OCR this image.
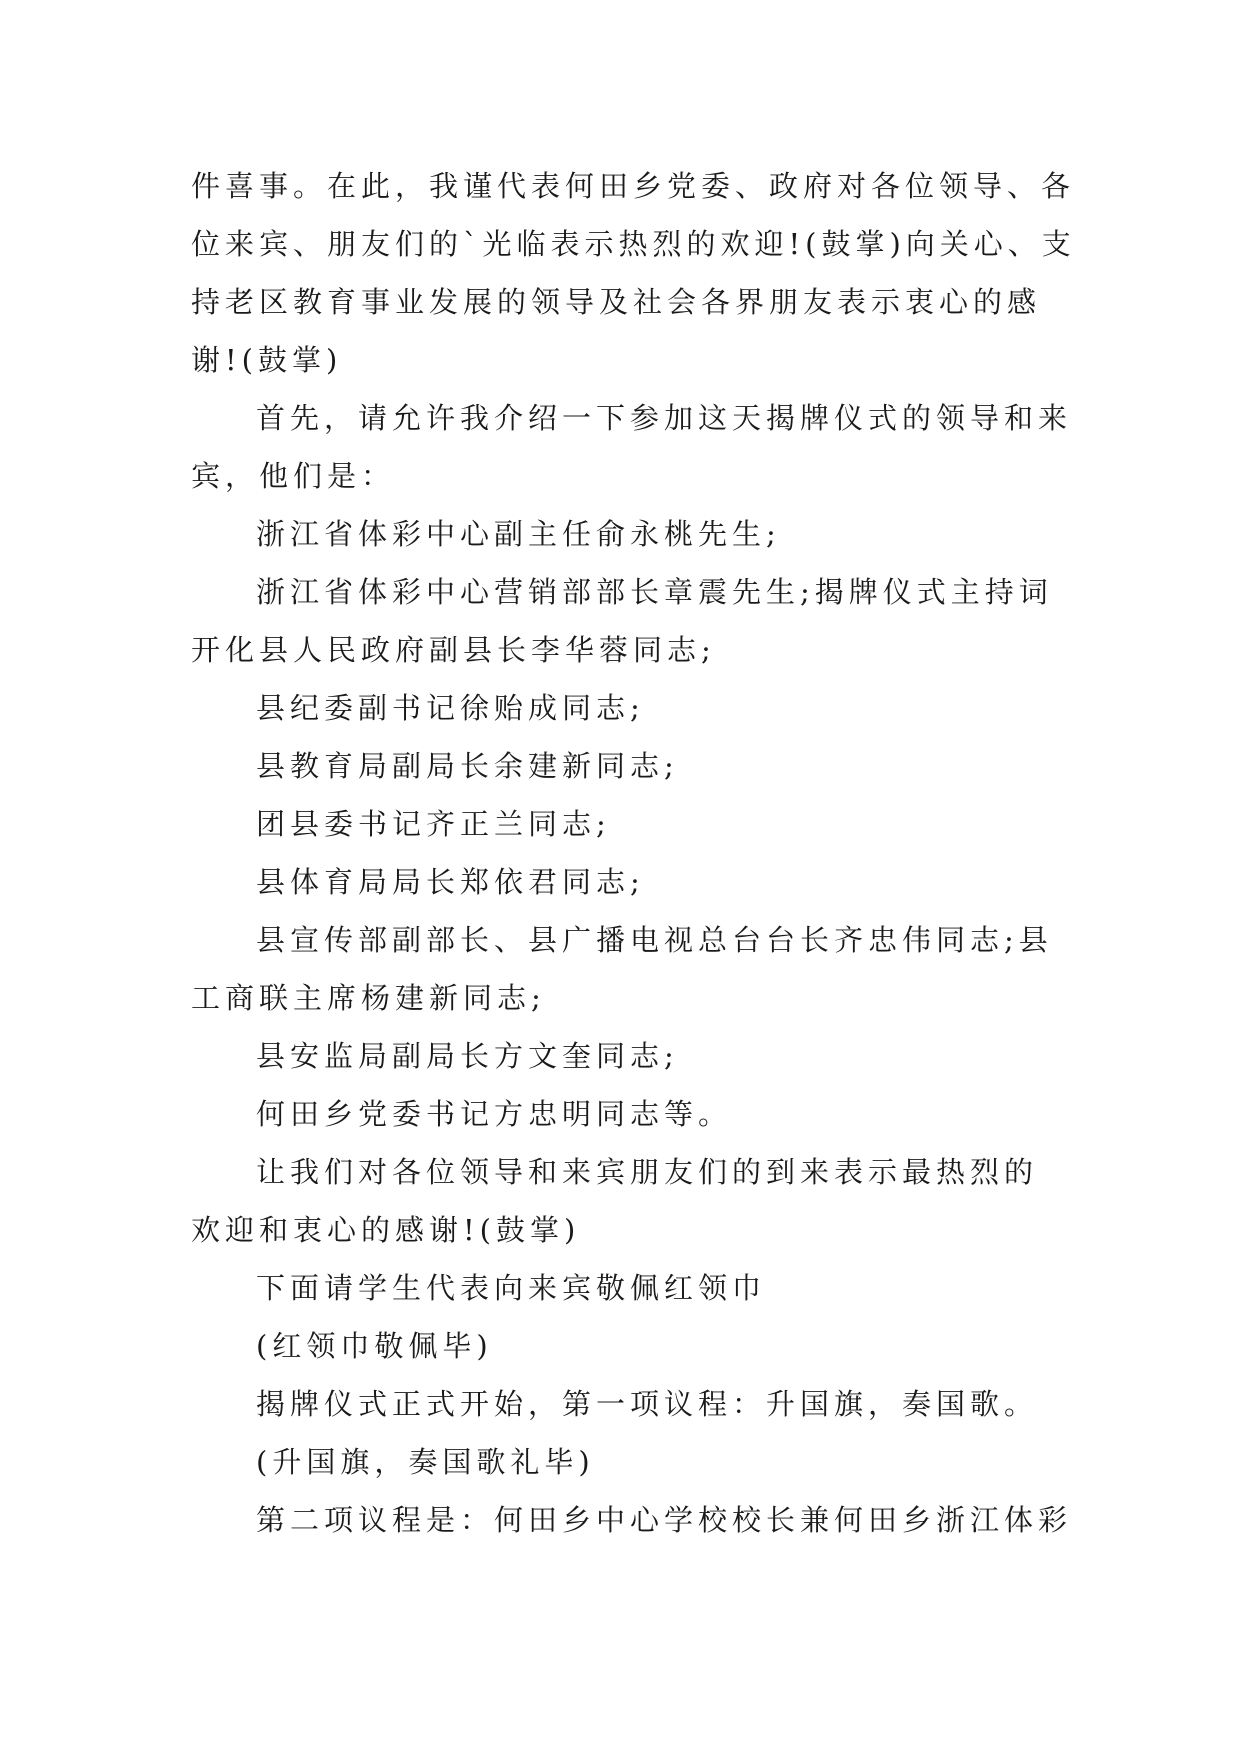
件喜事。在此，我谨代表何田乡党委、政府对各位领导、各
位来宾、朋友们的`光临表示热烈的欢迎!(鼓掌)向关心、支
持老区教育事业发展的领导及社会各界朋友表示衷心的感
谢!(鼓掌)
首先，请允许我介绍一下参加这天揭牌仪式的领导和来
宾，他们是：
浙江省体彩中心副主任俞永桃先生;
浙江省体彩中心营销部部长章震先生;揭牌仪式主持词
开化县人民政府副县长李华蓉同志;
县纪委副书记徐贻成同志;
县教育局副局长余建新同志;
团县委书记齐正兰同志;
县体育局局长郑依君同志;
县宣传部副部长、县广播电视总台台长齐忠伟同志;县
工商联主席杨建新同志;
县安监局副局长方文奎同志;
何田乡党委书记方忠明同志等。
让我们对各位领导和来宾朋友们的到来表示最热烈的
欢迎和衷心的感谢!(鼓掌)
下面请学生代表向来宾敬佩红领巾
(红领巾敬佩毕)
揭牌仪式正式开始，第一项议程：升国旗，奏国歌。
(升国旗，奏国歌礼毕)
第二项议程是：何田乡中心学校校长兼何田乡浙江体彩
